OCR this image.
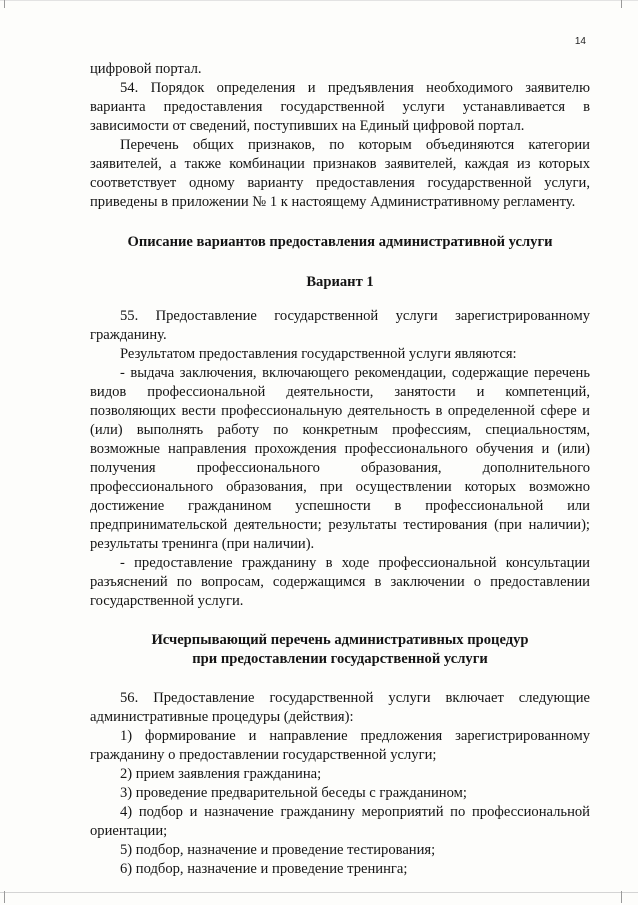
14

цифровой портал.

54. Порядок определения и предъявления необходимого заявителю варианта предоставления государственной услуги устанавливается в зависимости от сведений, поступивших на Единый цифровой портал.

Перечень общих признаков, по которым объединяются категории заявителей, а также комбинации признаков заявителей, каждая из которых соответствует одному варианту предоставления государственной услуги, приведены в приложении № 1 к настоящему Административному регламенту.

Описание вариантов предоставления административной услуги
Вариант 1

55. Предоставление государственной услуги зарегистрированному гражданину.

Результатом предоставления государственной услуги являются:

- выдача заключения, включающего рекомендации, содержащие перечень видов профессиональной деятельности, занятости и компетенций, позволяющих вести профессиональную деятельность в определенной сфере и (или) выполнять работу по конкретным профессиям, специальностям, возможные направления прохождения профессионального обучения и (или) получения профессионального образования, дополнительного профессионального образования, при осуществлении которых возможно достижение гражданином успешности в профессиональной или предпринимательской деятельности; результаты тестирования (при наличии); результаты тренинга (при наличии).

- предоставление гражданину в ходе профессиональной консультации разъяснений по вопросам, содержащимся в заключении о предоставлении государственной услуги.

Исчерпывающий перечень административных процедур
при предоставлении государственной услуги

56. Предоставление государственной услуги включает следующие административные процедуры (действия):

1) формирование и направление предложения зарегистрированному гражданину о предоставлении государственной услуги;

2) прием заявления гражданина;

3) проведение предварительной беседы с гражданином;

4) подбор и назначение гражданину мероприятий по профессиональной ориентации;

5) подбор, назначение и проведение тестирования;

6) подбор, назначение и проведение тренинга;
